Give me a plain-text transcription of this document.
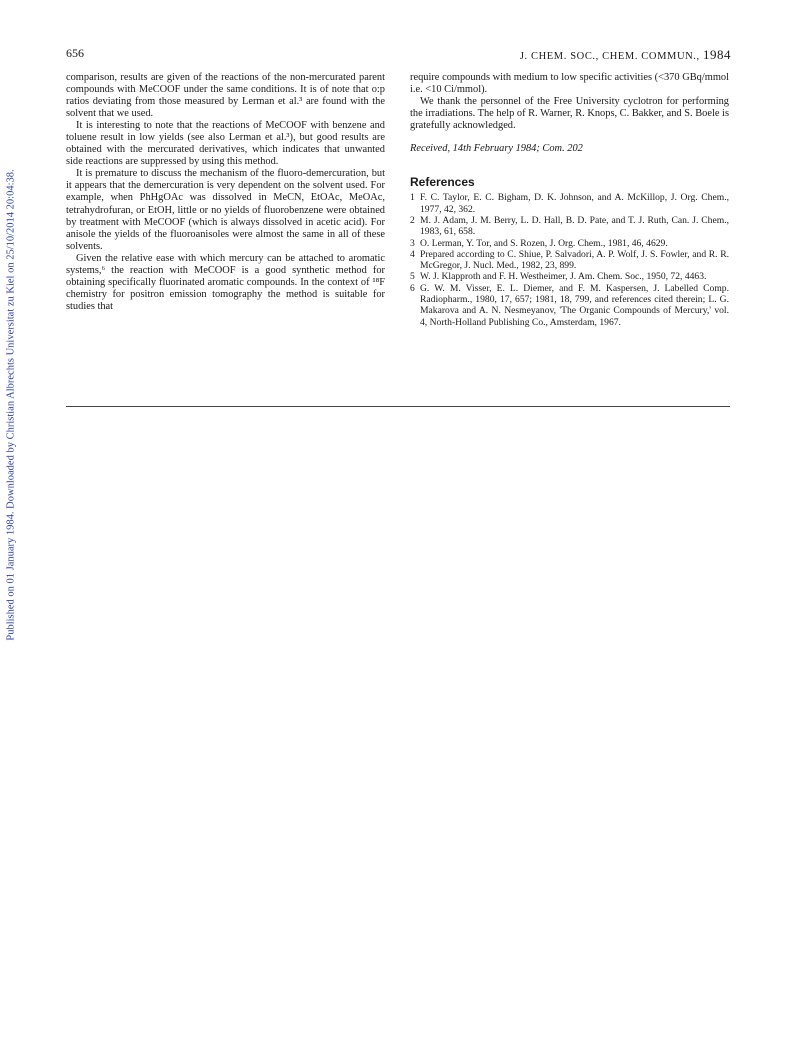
656	J. CHEM. SOC., CHEM. COMMUN., 1984
Published on 01 January 1984. Downloaded by Christian Albrechts Universitat zu Kiel on 25/10/2014 20:04:38.

comparison, results are given of the reactions of the non-mercurated parent compounds with MeCOOF under the same conditions. It is of note that o:p ratios deviating from those measured by Lerman et al.³ are found with the solvent that we used.

It is interesting to note that the reactions of MeCOOF with benzene and toluene result in low yields (see also Lerman et al.³), but good results are obtained with the mercurated derivatives, which indicates that unwanted side reactions are suppressed by using this method.

It is premature to discuss the mechanism of the fluoro-demercuration, but it appears that the demercuration is very dependent on the solvent used. For example, when PhHgOAc was dissolved in MeCN, EtOAc, MeOAc, tetrahydrofuran, or EtOH, little or no yields of fluorobenzene were obtained by treatment with MeCOOF (which is always dissolved in acetic acid). For anisole the yields of the fluoroanisoles were almost the same in all of these solvents.

Given the relative ease with which mercury can be attached to aromatic systems,⁶ the reaction with MeCOOF is a good synthetic method for obtaining specifically fluorinated aromatic compounds. In the context of ¹⁸F chemistry for positron emission tomography the method is suitable for studies that

require compounds with medium to low specific activities (<370 GBq/mmol i.e. <10 Ci/mmol).

We thank the personnel of the Free University cyclotron for performing the irradiations. The help of R. Warner, R. Knops, C. Bakker, and S. Boele is gratefully acknowledged.

Received, 14th February 1984; Com. 202

References
1 F. C. Taylor, E. C. Bigham, D. K. Johnson, and A. McKillop, J. Org. Chem., 1977, 42, 362.
2 M. J. Adam, J. M. Berry, L. D. Hall, B. D. Pate, and T. J. Ruth, Can. J. Chem., 1983, 61, 658.
3 O. Lerman, Y. Tor, and S. Rozen, J. Org. Chem., 1981, 46, 4629.
4 Prepared according to C. Shiue, P. Salvadori, A. P. Wolf, J. S. Fowler, and R. R. McGregor, J. Nucl. Med., 1982, 23, 899.
5 W. J. Klapproth and F. H. Westheimer, J. Am. Chem. Soc., 1950, 72, 4463.
6 G. W. M. Visser, E. L. Diemer, and F. M. Kaspersen, J. Labelled Comp. Radiopharm., 1980, 17, 657; 1981, 18, 799, and references cited therein; L. G. Makarova and A. N. Nesmeyanov, 'The Organic Compounds of Mercury,' vol. 4, North-Holland Publishing Co., Amsterdam, 1967.
